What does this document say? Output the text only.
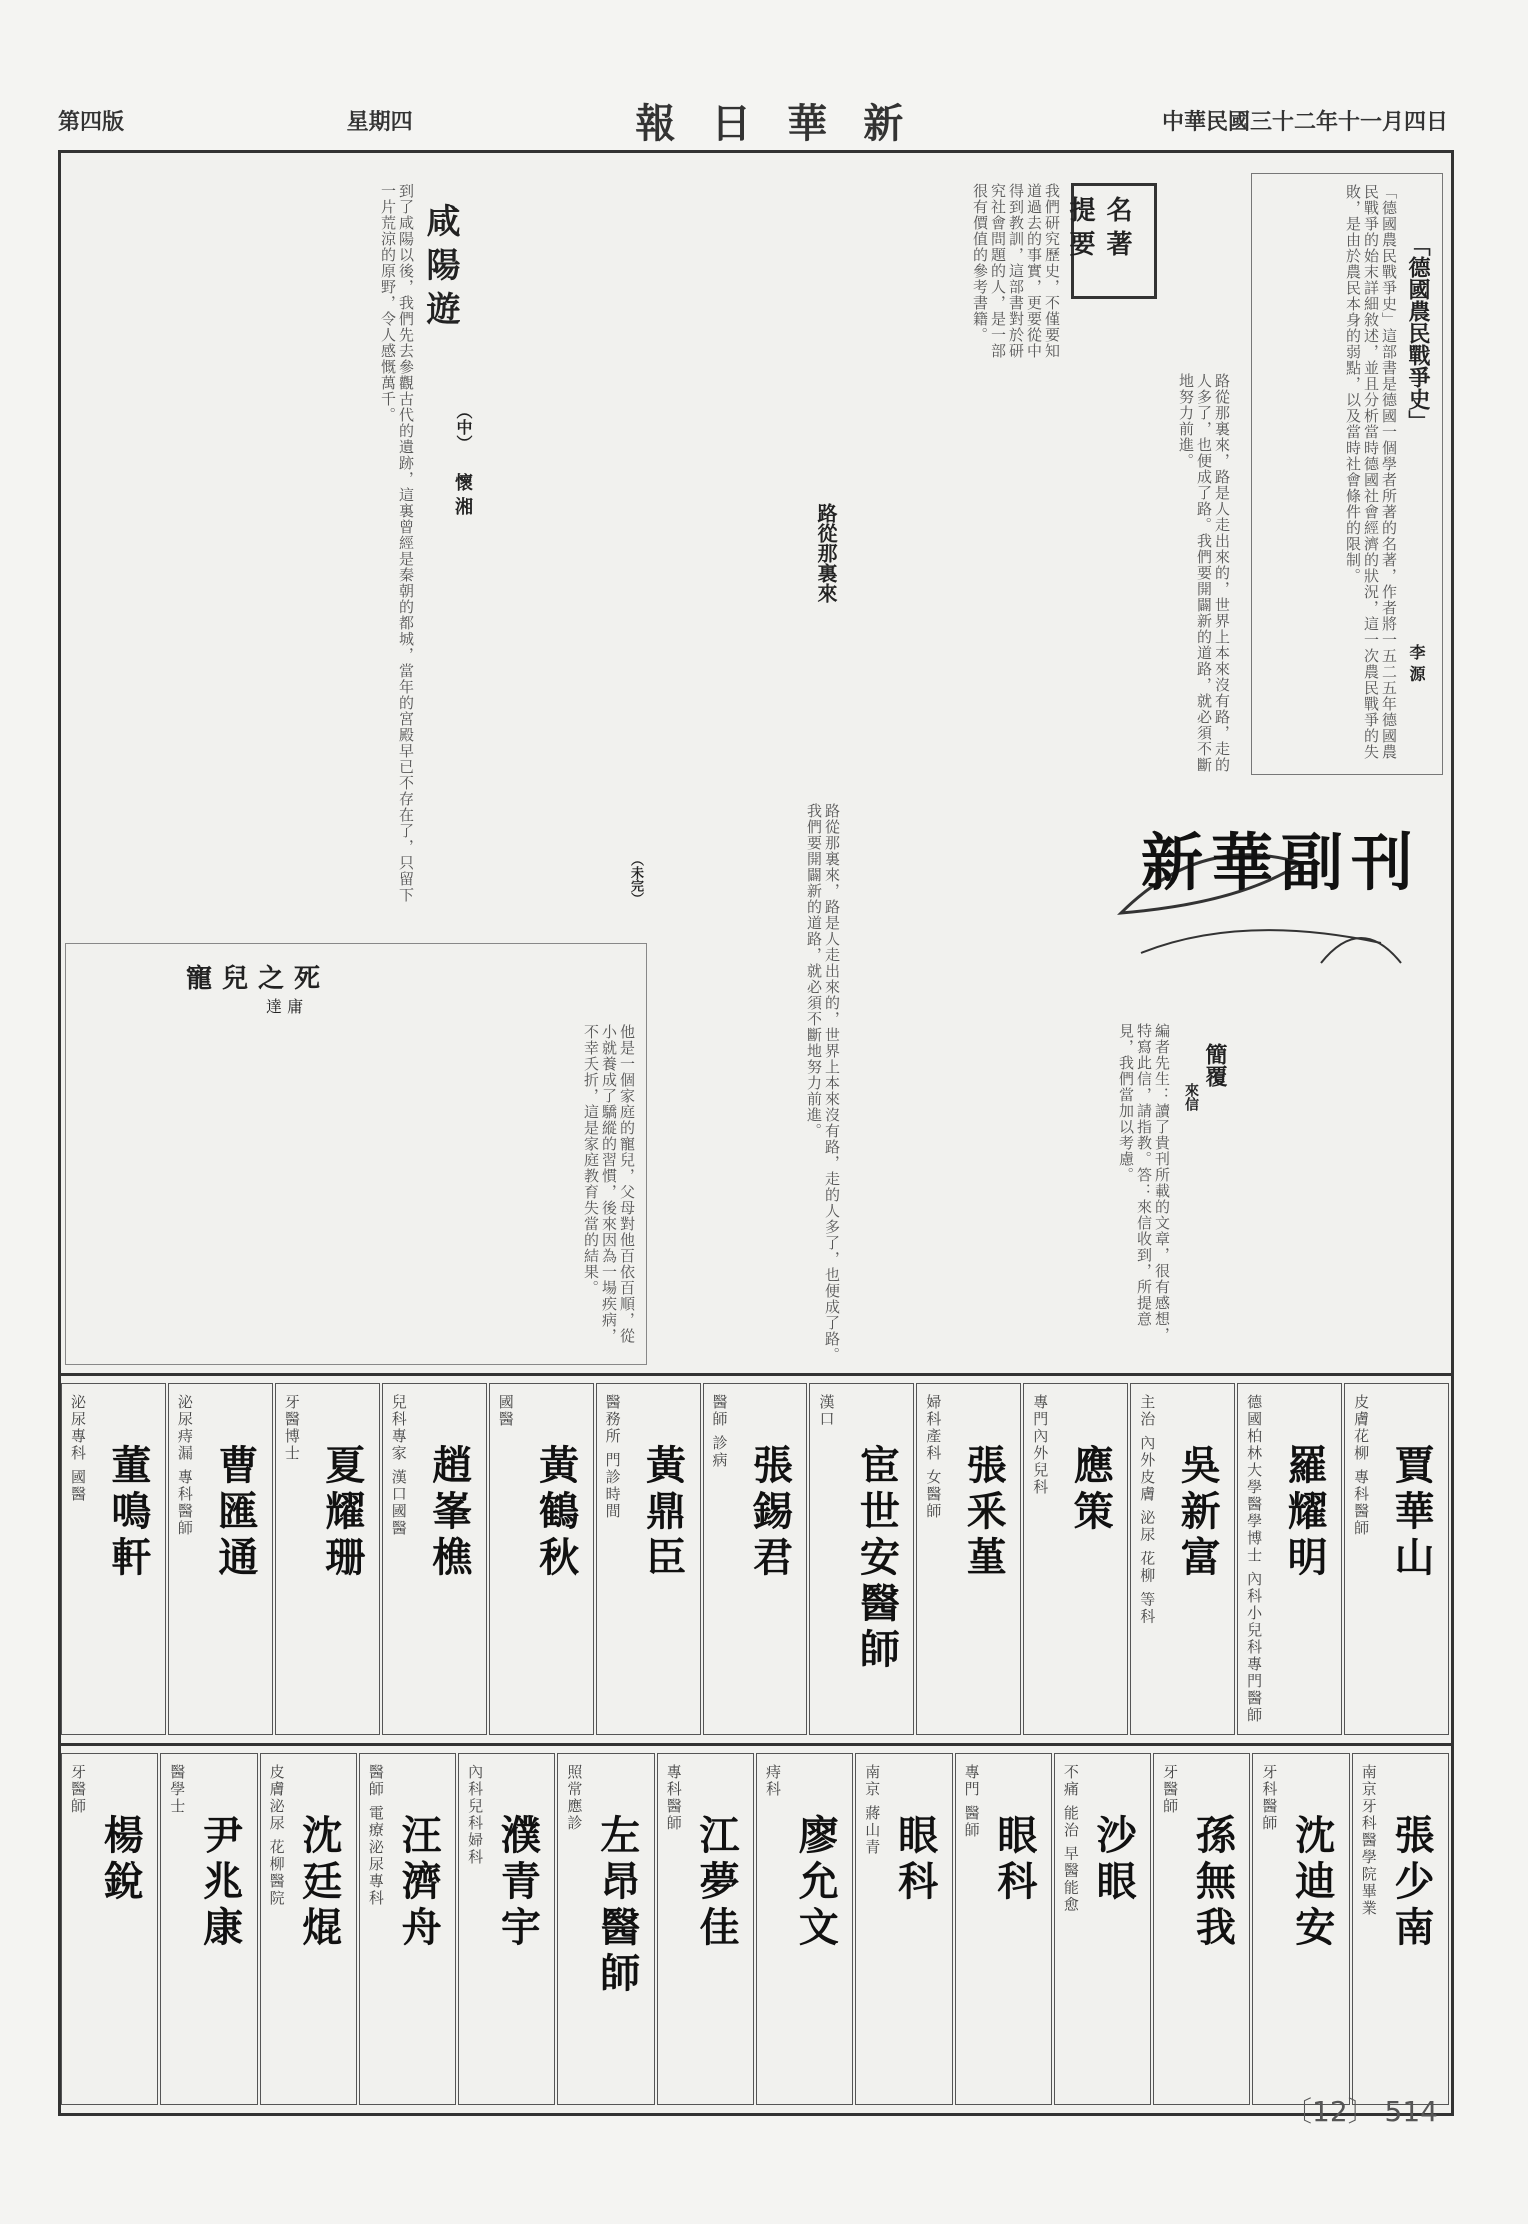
第四版	星期四	報日華新	中華民國三十二年十一月四日
「德國農民戰爭史」
李 源
「德國農民戰爭史」這部書是德國一個學者所著的名著，作者將一五二五年德國農民戰爭的始末詳細敘述，並且分析當時德國社會經濟的狀況，這一次農民戰爭的失敗，是由於農民本身的弱點，以及當時社會條件的限制。
名著提要
我們研究歷史，不僅要知道過去的事實，更要從中得到教訓，這部書對於研究社會問題的人，是一部很有價值的參考書籍。
路從那裏來	路從那裏來，路是人走出來的，世界上本來沒有路，走的人多了，也便成了路。我們要開闢新的道路，就必須不斷地努力前進。
咸陽遊
（中）
懷 湘
到了咸陽以後，我們先去參觀古代的遺跡，這裏曾經是秦朝的都城，當年的宮殿早已不存在了，只留下一片荒涼的原野，令人感慨萬千。
（未完）	新華副刊
簡覆
來信
編者先生：讀了貴刊所載的文章，很有感想，特寫此信，請指教。答：來信收到，所提意見，我們當加以考慮。
寵兒之死
達 庸
他是一個家庭的寵兒，父母對他百依百順，從小就養成了驕縱的習慣，後來因為一場疾病，不幸夭折，這是家庭教育失當的結果。	路從那裏來，路是人走出來的，世界上本來沒有路，走的人多了，也便成了路。我們要開闢新的道路，就必須不斷地努力前進。
皮膚花柳 專科醫師 賈華山
德國柏林大學醫學博士 內科小兒科專門醫師 羅耀明
主治 內外皮膚 泌尿 花柳 等科 吳新富
專門內外兒科 應策
婦科產科 女醫師 張釆堇
漢口
宦世安醫師
醫師 診病
張錫君
醫務所 門診時間 黃鼎臣
國醫
黃鶴秋
兒科專家 漢口國醫 趙峯樵
牙醫博士
夏耀珊
泌尿痔漏 專科醫師 曹匯通
泌尿專科 國醫 董鳴軒
南京牙科醫學院畢業 張少南
牙科醫師
沈迪安
牙醫師
孫無我
不痛 能治 早醫能愈 沙眼
專門 醫師
眼科
南京 蔣山青
眼科
痔科
廖允文
專科醫師
江夢佳
照常應診
左昂醫師
內科兒科婦科 濮青宇
醫師 電療泌尿專科 汪濟舟
皮膚泌尿 花柳醫院 沈廷焜
醫學士
尹兆康
牙醫師
楊銳
〔12〕 514
